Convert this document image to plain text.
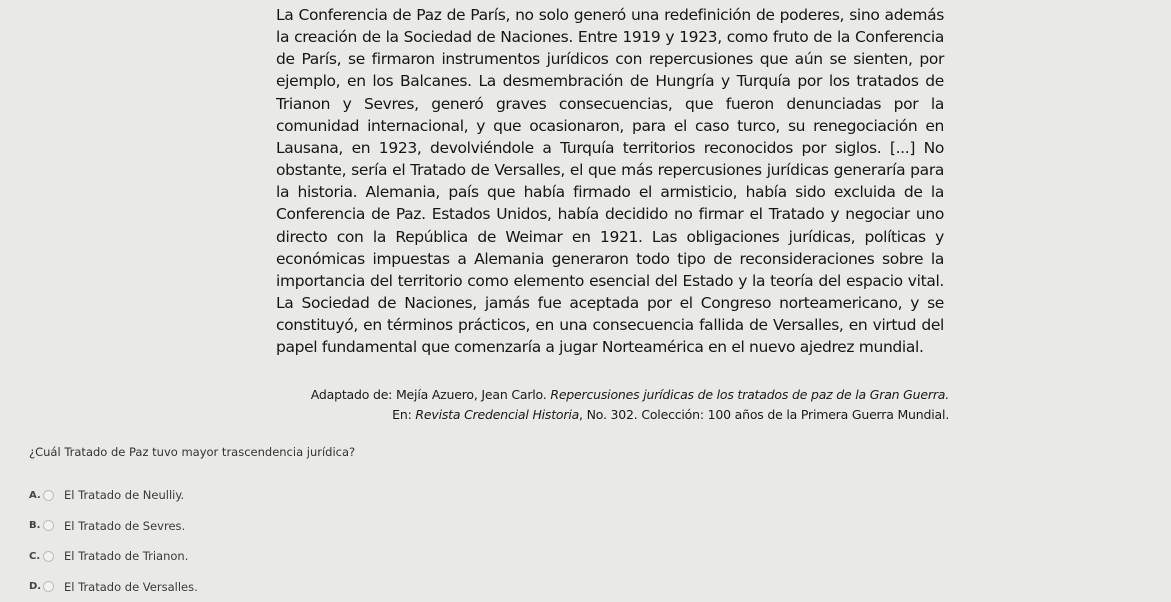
La Conferencia de Paz de París, no solo generó una redefinición de poderes, sino además la creación de la Sociedad de Naciones. Entre 1919 y 1923, como fruto de la Conferencia de París, se firmaron instrumentos jurídicos con repercusiones que aún se sienten, por ejemplo, en los Balcanes. La desmembración de Hungría y Turquía por los tratados de Trianon y Sevres, generó graves consecuencias, que fueron denunciadas por la comunidad internacional, y que ocasionaron, para el caso turco, su renegociación en Lausana, en 1923, devolviéndole a Turquía territorios reconocidos por siglos. [...] No obstante, sería el Tratado de Versalles, el que más repercusiones jurídicas generaría para la historia. Alemania, país que había firmado el armisticio, había sido excluida de la Conferencia de Paz. Estados Unidos, había decidido no firmar el Tratado y negociar uno directo con la República de Weimar en 1921. Las obligaciones jurídicas, políticas y económicas impuestas a Alemania generaron todo tipo de reconsideraciones sobre la importancia del territorio como elemento esencial del Estado y la teoría del espacio vital. La Sociedad de Naciones, jamás fue aceptada por el Congreso norteamericano, y se constituyó, en términos prácticos, en una consecuencia fallida de Versalles, en virtud del papel fundamental que comenzaría a jugar Norteamérica en el nuevo ajedrez mundial.

Adaptado de: Mejía Azuero, Jean Carlo. Repercusiones jurídicas de los tratados de paz de la Gran Guerra.
En: Revista Credencial Historia, No. 302. Colección: 100 años de la Primera Guerra Mundial.
¿Cuál Tratado de Paz tuvo mayor trascendencia jurídica?
A. El Tratado de Neulliy.
B. El Tratado de Sevres.
C. El Tratado de Trianon.
D. El Tratado de Versalles.
